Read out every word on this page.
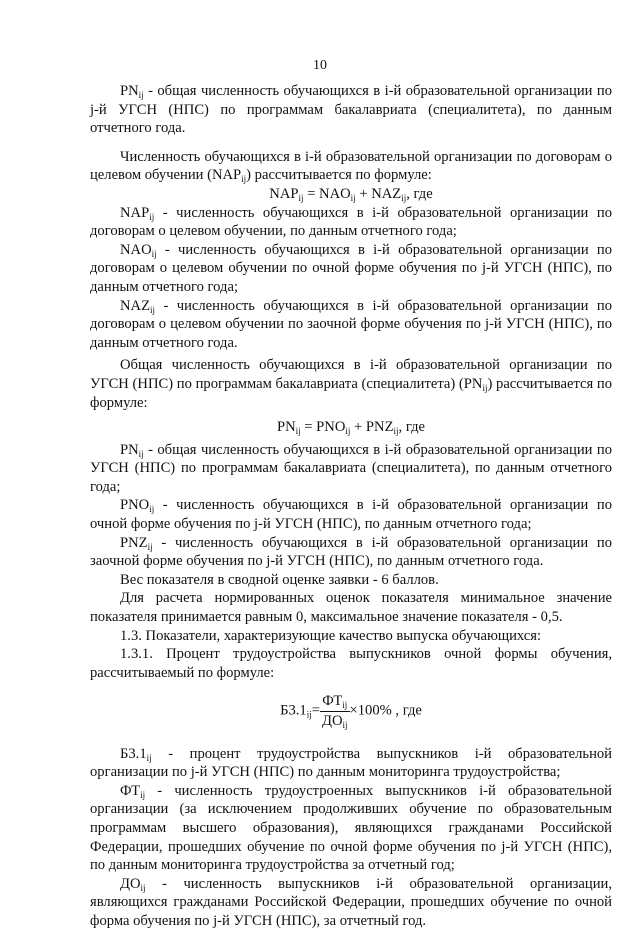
10

$PN_{ij}$ - общая численность обучающихся в i-й образовательной организации по j-й УГСН (НПС) по программам бакалавриата (специалитета), по данным отчетного года.

Численность обучающихся в i-й образовательной организации по договорам о целевом обучении $(NAP_{ij})$ рассчитывается по формуле:

$NAP_{ij} = NAO_{ij} + NAZ_{ij}$, где

$NAP_{ij}$ - численность обучающихся в i-й образовательной организации по договорам о целевом обучении, по данным отчетного года;

$NAO_{ij}$ - численность обучающихся в i-й образовательной организации по договорам о целевом обучении по очной форме обучения по j-й УГСН (НПС), по данным отчетного года;

$NAZ_{ij}$ - численность обучающихся в i-й образовательной организации по договорам о целевом обучении по заочной форме обучения по j-й УГСН (НПС), по данным отчетного года.

Общая численность обучающихся в i-й образовательной организации по УГСН (НПС) по программам бакалавриата (специалитета) $(PN_{ij})$ рассчитывается по формуле:

$PN_{ij} = PNO_{ij} + PNZ_{ij}$, где

$PN_{ij}$ - общая численность обучающихся в i-й образовательной организации по УГСН (НПС) по программам бакалавриата (специалитета), по данным отчетного года;

$PNO_{ij}$ - численность обучающихся в i-й образовательной организации по очной форме обучения по j-й УГСН (НПС), по данным отчетного года;

$PNZ_{ij}$ - численность обучающихся в i-й образовательной организации по заочной форме обучения по j-й УГСН (НПС), по данным отчетного года.

Вес показателя в сводной оценке заявки - 6 баллов.

Для расчета нормированных оценок показателя минимальное значение показателя принимается равным 0, максимальное значение показателя - 0,5.

1.3. Показатели, характеризующие качество выпуска обучающихся:

1.3.1. Процент трудоустройства выпускников очной формы обучения, рассчитываемый по формуле:

$Б3.1_{ij}= \frac{ФТ_{ij}}{ДО_{ij}} \times 100\%$ , где

$Б3.1_{ij}$ - процент трудоустройства выпускников i-й образовательной организации по j-й УГСН (НПС) по данным мониторинга трудоустройства;

$ФТ_{ij}$ - численность трудоустроенных выпускников i-й образовательной организации (за исключением продолживших обучение по образовательным программам высшего образования), являющихся гражданами Российской Федерации, прошедших обучение по очной форме обучения по j-й УГСН (НПС), по данным мониторинга трудоустройства за отчетный год;

$ДО_{ij}$ - численность выпускников i-й образовательной организации, являющихся гражданами Российской Федерации, прошедших обучение по очной форма обучения по j-й УГСН (НПС), за отчетный год.
